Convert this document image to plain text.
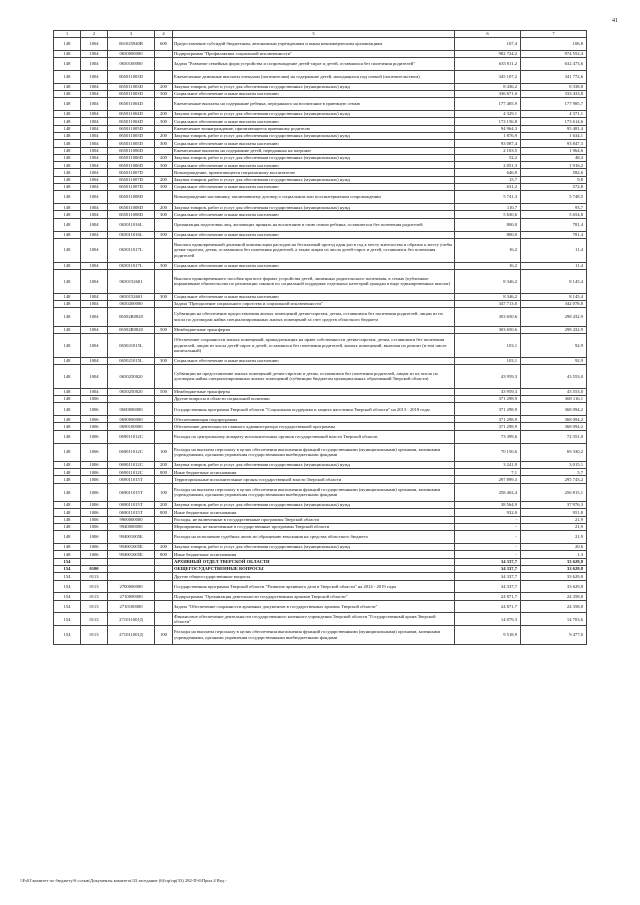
41
1	2	3	4	5	6	7
148	1004	061025940В	600	Предоставление субсидий бюджетным, автономным учреждениям и иным некоммерческим организациям	107,4	106,8
148	1004	0650000000		Подпрограмма "Профилактика социальной исключенности"	982 724,2	974 552,4
148	1004	0650100000		Задача "Развитие семейных форм устройства и сопровождение детей-сирот и детей, оставшихся без попечения родителей"	635 011,2	632 473,6
148	1004	065011003D		Ежемесячные денежные выплаты опекунам (попечителям) на содержание детей, находящихся под опекой (попечительством)	345 107,2	341 772,6
148	1004	065011003D	200	Закупка товаров, работ и услуг для обеспечения государственных (муниципальных) нужд	8 436,2	8 338,8
148	1004	065011003D	300	Социальное обеспечение и иные выплаты населению	336 671,0	333 433,8
148	1004	065011004D		Ежемесячные выплаты на содержание ребенка, переданного на воспитание в приемную семью	177 485,9	177 985,7
148	1004	065011004D	200	Закупка товаров, работ и услуг для обеспечения государственных (муниципальных) нужд	4 329,1	4 371,1
148	1004	065011004D	300	Социальное обеспечение и иные выплаты населению	173 156,8	173 614,6
148	1004	065011005D		Ежемесячное вознаграждение, причитающееся приемному родителю	94 964,3	95 481,4
148	1004	065011005D	200	Закупка товаров, работ и услуг для обеспечения государственных (муниципальных) нужд	1 876,9	1 634,1
148	1004	065011005D	300	Социальное обеспечение и иные выплаты населению	93 087,4	93 847,3
148	1004	065011006D		Ежемесячные выплаты на содержание детей, переданных на патронат	2 103,5	1 964,6
148	1004	065011006D	200	Закупка товаров, работ и услуг для обеспечения государственных (муниципальных) нужд	52,2	48,4
148	1004	065011006D	300	Социальное обеспечение и иные выплаты населению	2 051,3	1 916,2
148	1004	065011007D		Вознаграждение, причитающееся патронатному воспитателю	646,9	582,6
148	1004	065011007D	200	Закупка товаров, работ и услуг для обеспечения государственных (муниципальных) нужд	15,7	9,8
148	1004	065011007D	300	Социальное обеспечение и иные выплаты населению	631,2	572,8
148	1004	065011008D		Вознаграждение наставнику, заключившему договор о социальном или постинтернатном сопровождении	5 741,3	5 748,5
148	1004	065011008D	200	Закупка товаров, работ и услуг для обеспечения государственных (муниципальных) нужд	110,7	93,7
148	1004	065011008D	300	Социальное обеспечение и иные выплаты населению	5 630,6	5 654,8
148	1004	065011016L		Организация подготовки лиц, желающих принять на воспитание в свою семью ребенка, оставшегося без попечения родителей	800,0	781,4
148	1004	065011016L	300	Социальное обеспечение и иные выплаты населению	800,0	781,4
148	1004	065011017L		Выплата единовременной денежной компенсации расходов на бесплатный проезд один раз в год к месту жительства и обратно к месту учебы детям-сиротам, детям, оставшимся без попечения родителей, а также лицам из числа детей-сирот и детей, оставшихся без попечения родителей	16,2	11,4
148	1004	065011017L	300	Социальное обеспечение и иные выплаты населению	16,2	11,4
148	1004	0650152601		Выплата единовременного пособия при всех формах устройства детей, лишенных родительского попечения, в семью (публичные нормативные обязательства по реализации законов по социальной поддержке отдельных категорий граждан в виде единовременных выплат)	8 346,2	8 145,4
148	1004	0650152601	300	Социальное обеспечение и иные выплаты населению	8 346,2	8 145,4
148	1004	0650200000		Задача "Преодоление социального сиротства и социальной исключенности"	347 713,0	342 078,8
148	1004	06502R0820		Субвенции на обеспечение предоставления жилых помещений детям-сиротам, детям, оставшимся без попечения родителей, лицам из их числа по договорам найма специализированных жилых помещений за счет средств областного бюджета	303 650,6	298 432,9
148	1004	06502R0820	500	Межбюджетные трансферты	303 650,6	298 432,9
148	1004	065021015L		Обеспечение сохранности жилых помещений, принадлежащих на праве собственности детям-сиротам, детям, оставшимся без попечения родителей, лицам из числа детей-сирот и детей, оставшихся без попечения родителей, жилых помещений, включая их ремонт (в том числе капитальный)	103,1	92,9
148	1004	065021015L	300	Социальное обеспечение и иные выплаты населению	103,1	92,9
148	1004	0650250820		Субвенции на предоставление жилых помещений детям-сиротам и детям, оставшимся без попечения родителей, лицам из их числа по договорам найма специализированных жилых помещений (субвенции бюджетам муниципальных образований Тверской области)	43 959,3	43 553,0
148	1004	0650250820	500	Межбюджетные трансферты	43 959,3	43 553,0
148	1006			Другие вопросы в области социальной политики	371 298,9	368 116,1
148	1006	0600000000		Государственная программа Тверской области "Социальная поддержка и защита населения Тверской области" на 2013 - 2018 годы	371 298,9	368 094,2
148	1006	0690000000		Обеспечивающая подпрограмма	371 298,9	368 094,2
148	1006	0690100000		Обеспечение деятельности главного администратора государственной программы	371 298,9	368 094,2
148	1006	069011012C		Расходы по центральному аппарату исполнительных органов государственной власти Тверской области	73 399,6	72 351,0
148	1006	069011012C	100	Расходы на выплаты персоналу в целях обеспечения выполнения функций государственными (муниципальными) органами, казенными учреждениями, органами управления государственными внебюджетными фондами	70 150,6	69 330,2
148	1006	069011012C	200	Закупка товаров, работ и услуг для обеспечения государственных (муниципальных) нужд	3 241,9	3 015,1
148	1006	069011012C	800	Иные бюджетные ассигнования	7,1	5,7
148	1006	069011015T		Территориальные исполнительные органы государственной власти Тверской области	297 899,3	295 743,2
148	1006	069011015T	100	Расходы на выплаты персоналу в целях обеспечения выполнения функций государственными (муниципальными) органами, казенными учреждениями, органами управления государственными внебюджетными фондами	258 402,4	256 815,1
148	1006	069011015T	200	Закупка товаров, работ и услуг для обеспечения государственных (муниципальных) нужд	38 564,9	37 976,3
148	1006	069011015T	800	Иные бюджетные ассигнования	932,0	951,8
148	1006	9900000000		Расходы, не включенные в государственные программы Тверской области	-	21,9
148	1006	9940000000		Мероприятия, не включенные в государственные программы Тверской области	-	21,9
148	1006	994001005Б		Расходы на исполнение судебных актов по обращению взыскания на средства областного бюджета	-	21,9
148	1006	994001005Б	200	Закупка товаров, работ и услуг для обеспечения государственных (муниципальных) нужд	-	20,6
148	1006	994001005Б	800	Иные бюджетные ассигнования	-	1,3
154				АРХИВНЫЙ ОТДЕЛ ТВЕРСКОЙ ОБЛАСТИ	34 337,7	33 629,8
154	0100			ОБЩЕГОСУДАРСТВЕННЫЕ ВОПРОСЫ	34 337,7	33 629,8
154	0113			Другие общегосударственные вопросы	34 337,7	33 629,8
154	0113	2700000000		Государственная программа Тверской области "Развитие архивного дела в Тверской области" на 2014 - 2019 годы	34 337,7	33 629,8
154	0113	2710000000		Подпрограмма "Организация деятельности государственных архивов Тверской области"	24 871,7	24 358,8
154	0113	2710100000		Задача "Обеспечение сохранности архивных документов в государственных архивах Тверской области"	24 871,7	24 358,8
154	0113	271011001Д		Финансовое обеспечение деятельности государственного казенного учреждения Тверской области "Государственный архив Тверской области"	14 079,3	14 703,6
154	0113	271011001Д	100	Расходы на выплаты персоналу в целях обеспечения выполнения функций государственными (муниципальными) органами, казенными учреждениями, органами управления государственными внебюджетными фондами	9 518,9	9 477,0
\\Fs01\комитет по бюджету\6 созыв\Документы комитета\33 заседание (6)\пр\пр(33) 282-П-6\Прил.4 Вед.-
